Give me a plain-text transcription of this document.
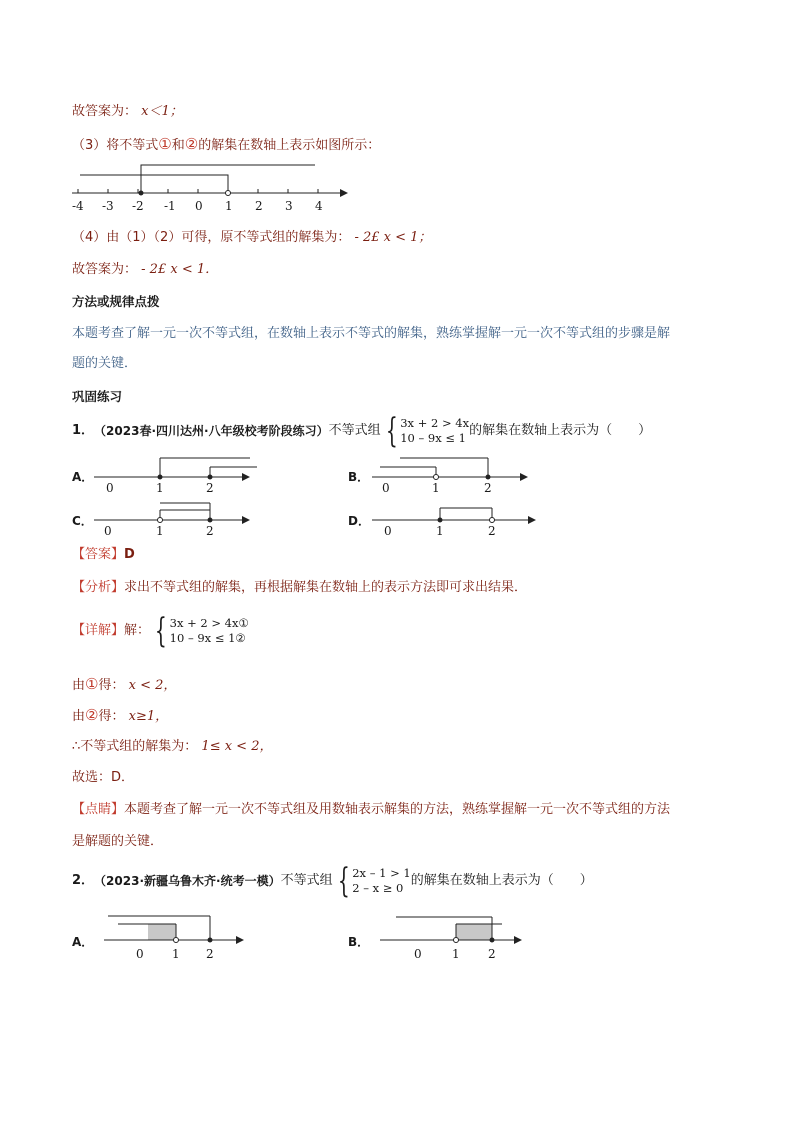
故答案为： x＜1；
（3）将不等式①和②的解集在数轴上表示如图所示：
-4 -3 -2 -1 0 1 2 3 4
（4）由（1）（2）可得，原不等式组的解集为： - 2£ x < 1；
故答案为： - 2£ x < 1．
方法或规律点拨
本题考查了解一元一次不等式组，在数轴上表示不等式的解集，熟练掌握解一元一次不等式组的步骤是解
题的关键．
巩固练习
1． （2023春·四川达州·八年级校考阶段练习） 不等式组 { 3x + 2 > 4x
10 – 9x ≤ 1 的解集在数轴上表示为（　　）
A．
0	1	2
B．
0	1	2
C．
0	1	2
D．
0	1	2
【答案】D
【分析】求出不等式组的解集，再根据解集在数轴上的表示方法即可求出结果．
【详解】 解： { 3x + 2 > 4x①
10 – 9x ≤ 1②
由①得： x < 2，
由②得： x≥1，
∴不等式组的解集为： 1≤ x < 2，
故选：D．
【点睛】本题考查了解一元一次不等式组及用数轴表示解集的方法，熟练掌握解一元一次不等式组的方法
是解题的关键．
2． （2023·新疆乌鲁木齐·统考一模） 不等式组 { 2x – 1 > 1
2 – x ≥ 0 的解集在数轴上表示为（　　）
A．
0 1 2
B．
0	1 2
